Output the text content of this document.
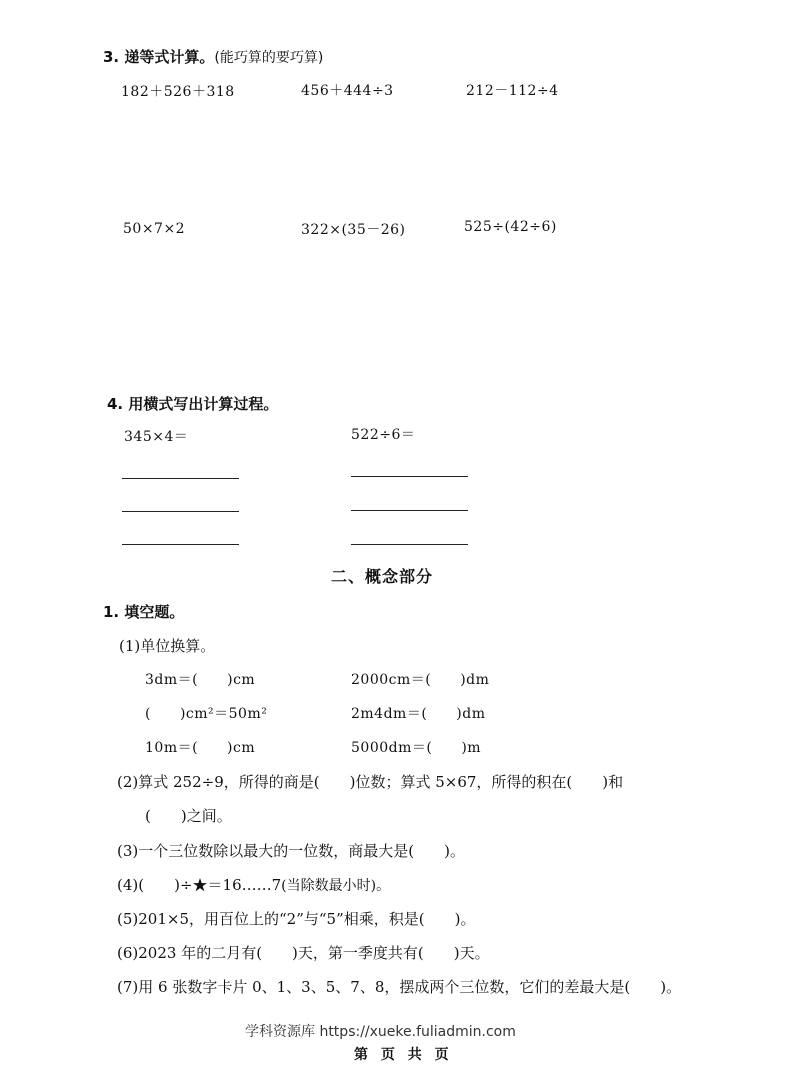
3. 递等式计算。(能巧算的要巧算)
182＋526＋318	456＋444÷3	212－112÷4
50×7×2	322×(35－26)	525÷(42÷6)
4. 用横式写出计算过程。
345×4＝	522÷6＝
二、概念部分
1. 填空题。
(1)单位换算。
3dm＝(　　)cm	2000cm＝(　　)dm
(　　)cm²＝50m²	2m4dm＝(　　)dm
10m＝(　　)cm	5000dm＝(　　)m
(2)算式 252÷9，所得的商是(　　)位数；算式 5×67，所得的积在(　　)和
(　　)之间。
(3)一个三位数除以最大的一位数，商最大是(　　)。
(4)(　　)÷★＝16……7(当除数最小时)。
(5)201×5，用百位上的“2”与“5”相乘，积是(　　)。
(6)2023 年的二月有(　　)天，第一季度共有(　　)天。
(7)用 6 张数字卡片 0、1、3、5、7、8，摆成两个三位数，它们的差最大是(　　)。
学科资源库 https://xueke.fuliadmin.com
第 页 共 页
